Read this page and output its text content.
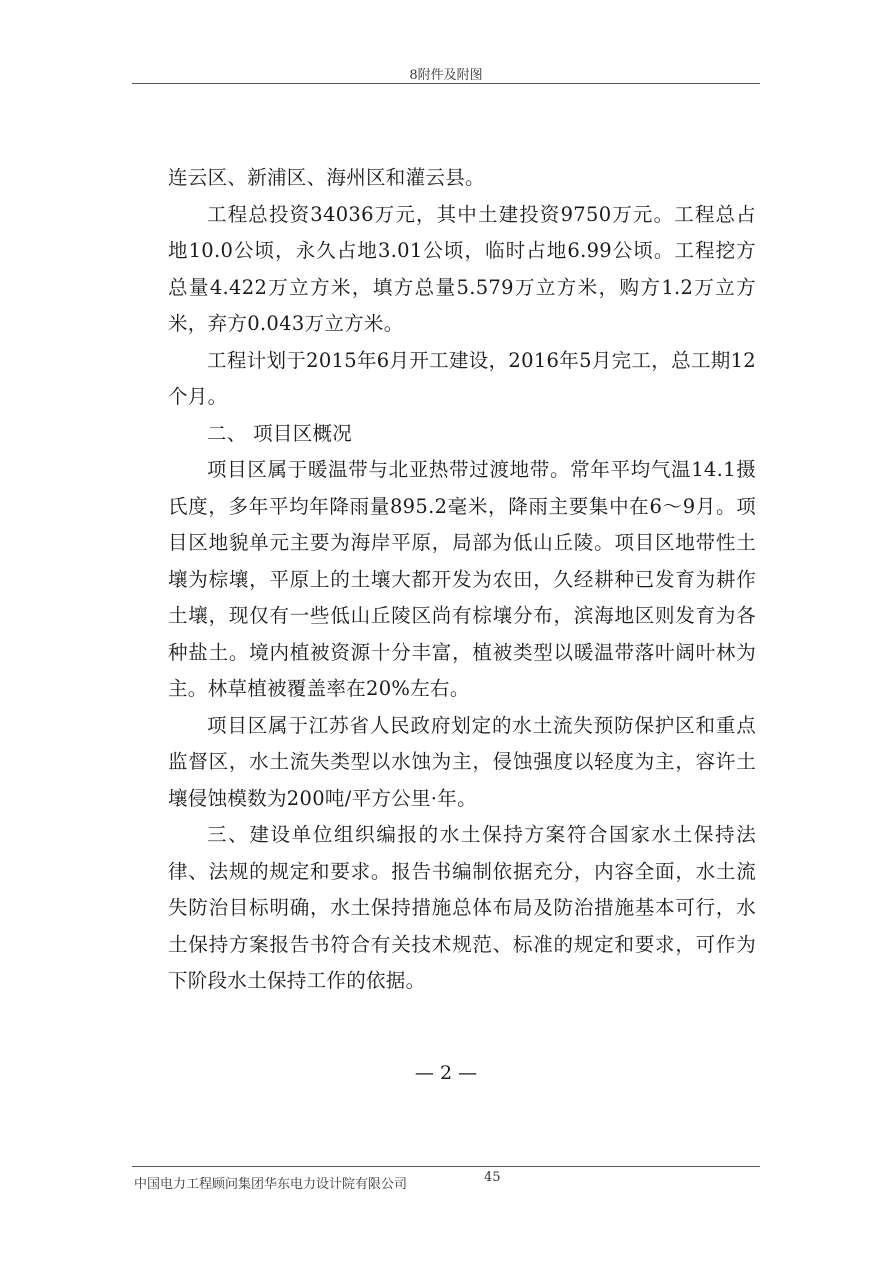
8附件及附图

连云区、新浦区、海州区和灌云县。

工程总投资34036万元，其中土建投资9750万元。工程总占地10.0公顷，永久占地3.01公顷，临时占地6.99公顷。工程挖方总量4.422万立方米，填方总量5.579万立方米，购方1.2万立方米，弃方0.043万立方米。

工程计划于2015年6月开工建设，2016年5月完工，总工期12个月。

二、 项目区概况

项目区属于暖温带与北亚热带过渡地带。常年平均气温14.1摄氏度，多年平均年降雨量895.2毫米，降雨主要集中在6～9月。项目区地貌单元主要为海岸平原，局部为低山丘陵。项目区地带性土壤为棕壤，平原上的土壤大都开发为农田，久经耕种已发育为耕作土壤，现仅有一些低山丘陵区尚有棕壤分布，滨海地区则发育为各种盐土。境内植被资源十分丰富，植被类型以暖温带落叶阔叶林为主。林草植被覆盖率在20%左右。

项目区属于江苏省人民政府划定的水土流失预防保护区和重点监督区，水土流失类型以水蚀为主，侵蚀强度以轻度为主，容许土壤侵蚀模数为200吨/平方公里·年。

三、建设单位组织编报的水土保持方案符合国家水土保持法律、法规的规定和要求。报告书编制依据充分，内容全面，水土流失防治目标明确，水土保持措施总体布局及防治措施基本可行，水土保持方案报告书符合有关技术规范、标准的规定和要求，可作为下阶段水土保持工作的依据。

— 2 —
中国电力工程顾问集团华东电力设计院有限公司	45
